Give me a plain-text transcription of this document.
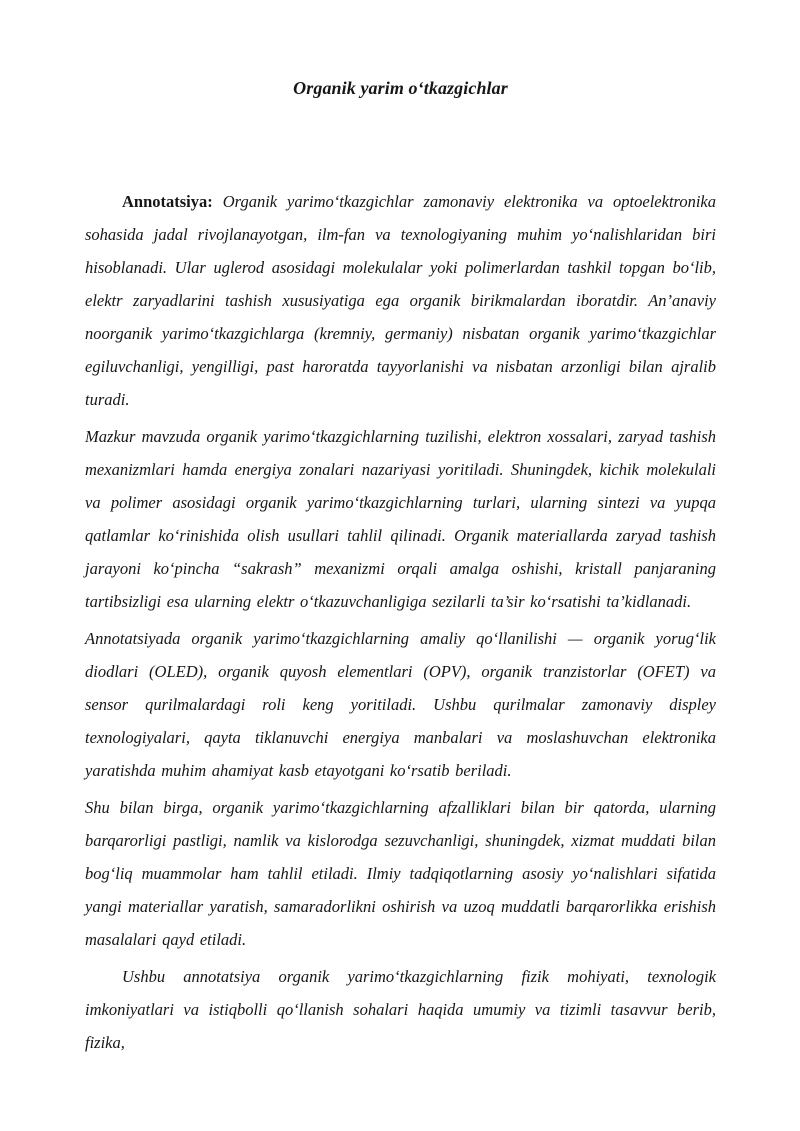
Organik yarim oʻtkazgichlar

Annotatsiya: Organik yarimoʻtkazgichlar zamonaviy elektronika va optoelektronika sohasida jadal rivojlanayotgan, ilm-fan va texnologiyaning muhim yoʻnalishlaridan biri hisoblanadi. Ular uglerod asosidagi molekulalar yoki polimerlardan tashkil topgan boʻlib, elektr zaryadlarini tashish xususiyatiga ega organik birikmalardan iboratdir. An’anaviy noorganik yarimoʻtkazgichlarga (kremniy, germaniy) nisbatan organik yarimoʻtkazgichlar egiluvchanligi, yengilligi, past haroratda tayyorlanishi va nisbatan arzonligi bilan ajralib turadi.

Mazkur mavzuda organik yarimoʻtkazgichlarning tuzilishi, elektron xossalari, zaryad tashish mexanizmlari hamda energiya zonalari nazariyasi yoritiladi. Shuningdek, kichik molekulali va polimer asosidagi organik yarimoʻtkazgichlarning turlari, ularning sintezi va yupqa qatlamlar koʻrinishida olish usullari tahlil qilinadi. Organik materiallarda zaryad tashish jarayoni koʻpincha “sakrash” mexanizmi orqali amalga oshishi, kristall panjaraning tartibsizligi esa ularning elektr oʻtkazuvchanligiga sezilarli ta’sir koʻrsatishi ta’kidlanadi.

Annotatsiyada organik yarimoʻtkazgichlarning amaliy qoʻllanilishi — organik yorugʻlik diodlari (OLED), organik quyosh elementlari (OPV), organik tranzistorlar (OFET) va sensor qurilmalardagi roli keng yoritiladi. Ushbu qurilmalar zamonaviy displey texnologiyalari, qayta tiklanuvchi energiya manbalari va moslashuvchan elektronika yaratishda muhim ahamiyat kasb etayotgani koʻrsatib beriladi.

Shu bilan birga, organik yarimoʻtkazgichlarning afzalliklari bilan bir qatorda, ularning barqarorligi pastligi, namlik va kislorodga sezuvchanligi, shuningdek, xizmat muddati bilan bogʻliq muammolar ham tahlil etiladi. Ilmiy tadqiqotlarning asosiy yoʻnalishlari sifatida yangi materiallar yaratish, samaradorlikni oshirish va uzoq muddatli barqarorlikka erishish masalalari qayd etiladi.

Ushbu annotatsiya organik yarimoʻtkazgichlarning fizik mohiyati, texnologik imkoniyatlari va istiqbolli qoʻllanish sohalari haqida umumiy va tizimli tasavvur berib, fizika,
